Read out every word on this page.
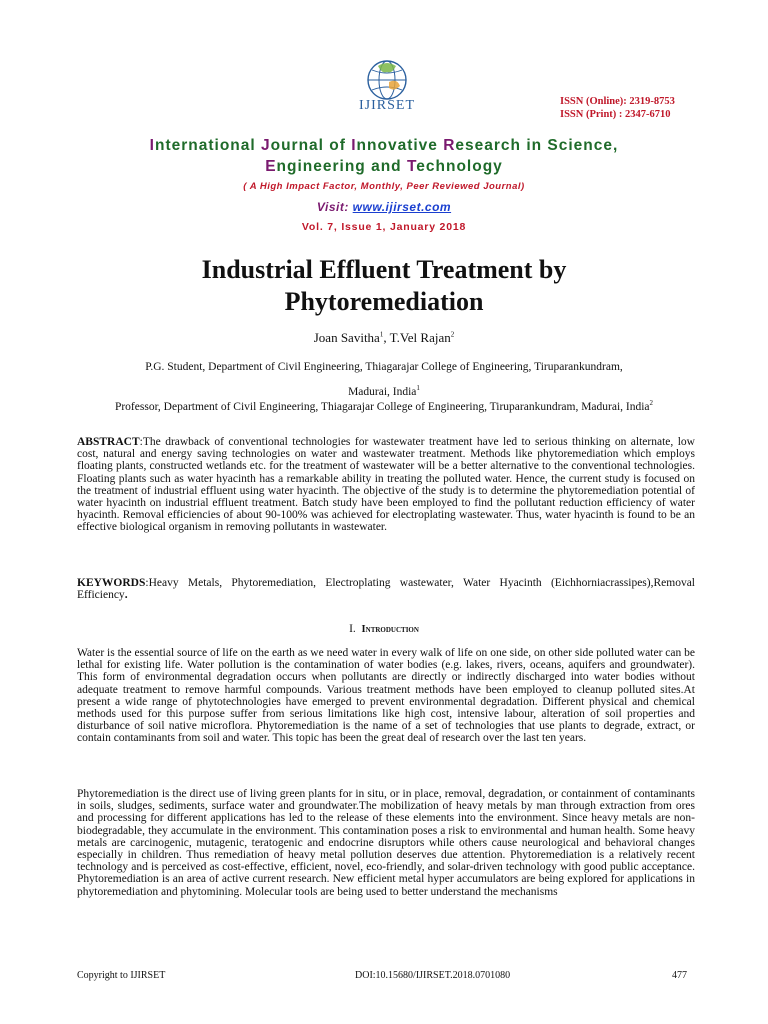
IJIRSET	ISSN (Online): 2319-8753
ISSN (Print) : 2347-6710
International Journal of Innovative Research in Science,
Engineering and Technology
( A High Impact Factor, Monthly, Peer Reviewed Journal)
Visit: www.ijirset.com
Vol. 7, Issue 1, January 2018
Industrial Effluent Treatment by
Phytoremediation
Joan Savitha$^1$, T.Vel Rajan$^2$
P.G. Student, Department of Civil Engineering, Thiagarajar College of Engineering, Tiruparankundram,
Madurai, India$^1$
Professor, Department of Civil Engineering, Thiagarajar College of Engineering, Tiruparankundram, Madurai, India$^2$
ABSTRACT:The drawback of conventional technologies for wastewater treatment have led to serious thinking on alternate, low cost, natural and energy saving technologies on water and wastewater treatment. Methods like phytoremediation which employs floating plants, constructed wetlands etc. for the treatment of wastewater will be a better alternative to the conventional technologies. Floating plants such as water hyacinth has a remarkable ability in treating the polluted water. Hence, the current study is focused on the treatment of industrial effluent using water hyacinth. The objective of the study is to determine the phytoremediation potential of water hyacinth on industrial effluent treatment. Batch study have been employed to find the pollutant reduction efficiency of water hyacinth. Removal efficiencies of about 90-100% was achieved for electroplating wastewater. Thus, water hyacinth is found to be an effective biological organism in removing pollutants in wastewater.
KEYWORDS:Heavy Metals, Phytoremediation, Electroplating wastewater, Water Hyacinth (Eichhorniacrassipes),Removal Efficiency.
I. Introduction
Water is the essential source of life on the earth as we need water in every walk of life on one side, on other side polluted water can be lethal for existing life. Water pollution is the contamination of water bodies (e.g. lakes, rivers, oceans, aquifers and groundwater). This form of environmental degradation occurs when pollutants are directly or indirectly discharged into water bodies without adequate treatment to remove harmful compounds. Various treatment methods have been employed to cleanup polluted sites.At present a wide range of phytotechnologies have emerged to prevent environmental degradation. Different physical and chemical methods used for this purpose suffer from serious limitations like high cost, intensive labour, alteration of soil properties and disturbance of soil native microflora. Phytoremediation is the name of a set of technologies that use plants to degrade, extract, or contain contaminants from soil and water. This topic has been the great deal of research over the last ten years.
Phytoremediation is the direct use of living green plants for in situ, or in place, removal, degradation, or containment of contaminants in soils, sludges, sediments, surface water and groundwater.The mobilization of heavy metals by man through extraction from ores and processing for different applications has led to the release of these elements into the environment. Since heavy metals are non-biodegradable, they accumulate in the environment. This contamination poses a risk to environmental and human health. Some heavy metals are carcinogenic, mutagenic, teratogenic and endocrine disruptors while others cause neurological and behavioral changes especially in children. Thus remediation of heavy metal pollution deserves due attention. Phytoremediation is a relatively recent technology and is perceived as cost-effective, efficient, novel, eco-friendly, and solar-driven technology with good public acceptance. Phytoremediation is an area of active current research. New efficient metal hyper accumulators are being explored for applications in phytoremediation and phytomining. Molecular tools are being used to better understand the mechanisms
Copyright to IJIRSET	DOI:10.15680/IJIRSET.2018.0701080	477
